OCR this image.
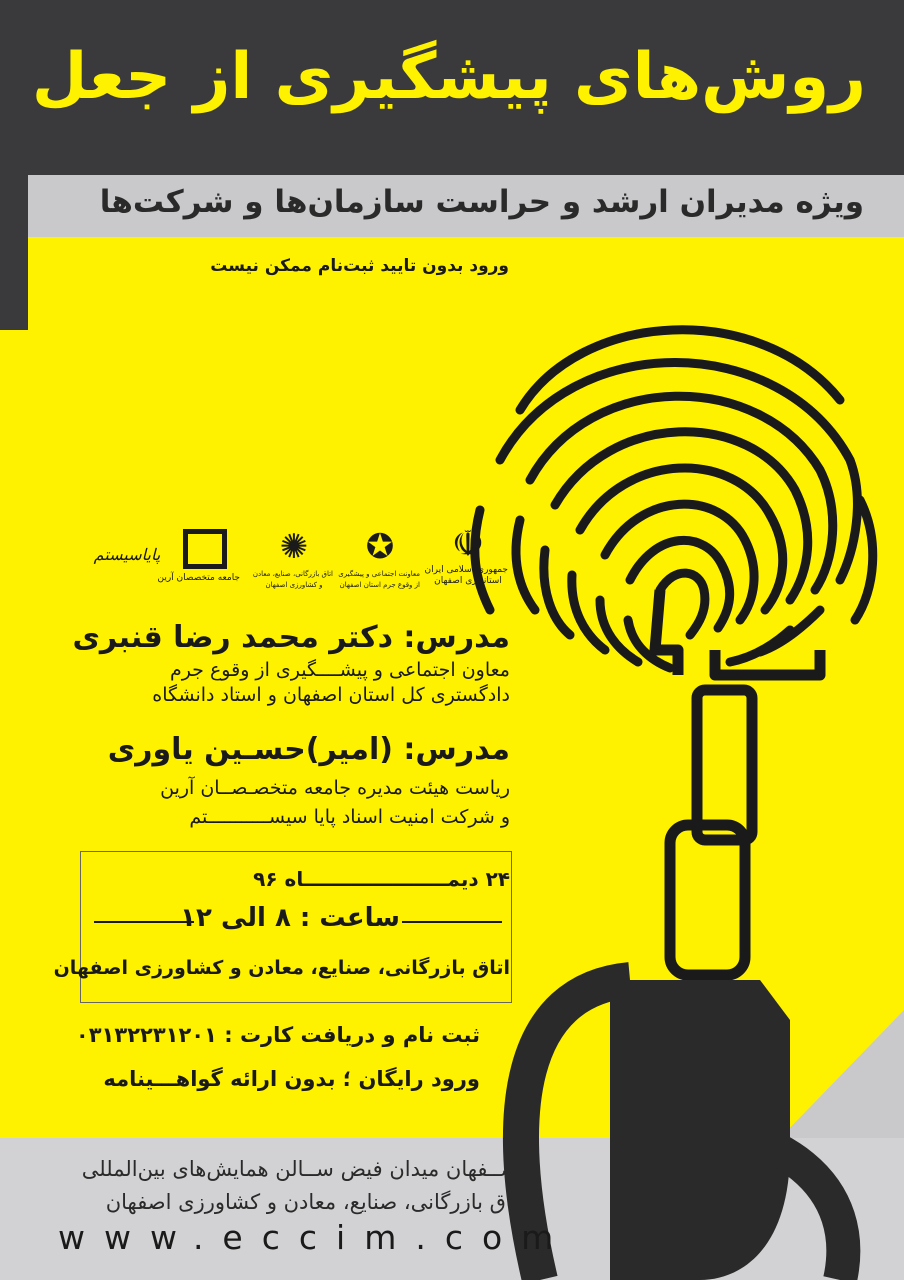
روش‌های پیشگیری از جعل
ویژه مدیران ارشد و حراست سازمان‌ها و شرکت‌ها
ورود بدون تایید ثبت‌نام ممکن نیست
☫
جمهوری اسلامی ایران
استانداری اصفهان
✪
معاونت اجتماعی و پیشگیری
از وقوع جرم استان اصفهان
✺
اتاق بازرگانی، صنایع، معادن
و کشاورزی اصفهان
جامعه متخصصان آرین
پایاسیستم
مدرس: دکتر محمد رضا قنبری
معاون اجتماعی و پیشــــگیری از وقوع جرم
دادگستری کل استان اصفهان و استاد دانشگاه
مدرس: (امیر)حسـین یاوری
ریاست هیئت مدیره جامعه متخصـصــان آرین
و شرکت امنیت اسناد پایا سیســـــــــــتم
۲۴ دیمـــــــــــــــــــــاه ۹۶
ساعت : ۸ الی ۱۲
اتاق بازرگانی، صنایع، معادن و کشاورزی اصفهان
ثبت نام و دریافت کارت : ۰۳۱۳۲۲۳۱۲۰۱
ورود رایگان ؛ بدون ارائه گواهـــینامه
اصــفهان میدان فیض ســالن همایش‌های بین‌المللی
اتاق بازرگانی، صنایع، معادن و کشاورزی اصفهان
www.eccim.com
